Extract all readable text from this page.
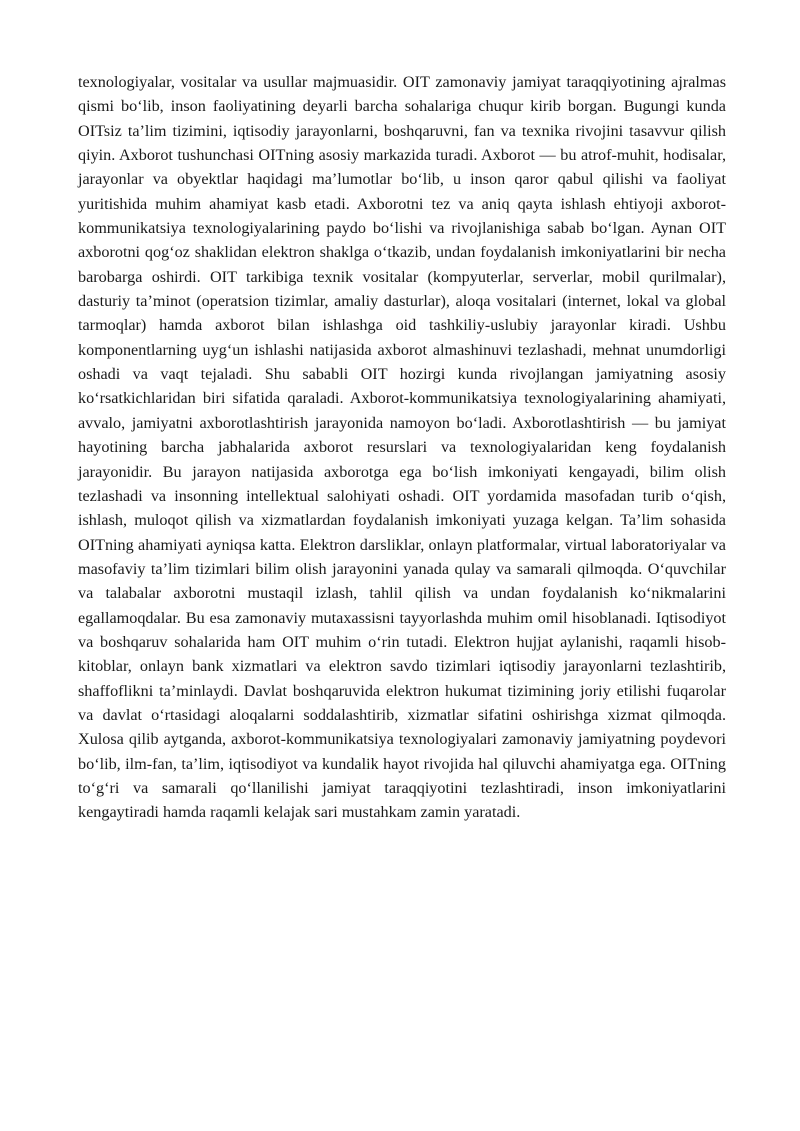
texnologiyalar, vositalar va usullar majmuasidir. OIT zamonaviy jamiyat taraqqiyotining ajralmas qismi bo‘lib, inson faoliyatining deyarli barcha sohalariga chuqur kirib borgan. Bugungi kunda OITsiz ta’lim tizimini, iqtisodiy jarayonlarni, boshqaruvni, fan va texnika rivojini tasavvur qilish qiyin. Axborot tushunchasi OITning asosiy markazida turadi. Axborot — bu atrof-muhit, hodisalar, jarayonlar va obyektlar haqidagi ma’lumotlar bo‘lib, u inson qaror qabul qilishi va faoliyat yuritishida muhim ahamiyat kasb etadi. Axborotni tez va aniq qayta ishlash ehtiyoji axborot-kommunikatsiya texnologiyalarining paydo bo‘lishi va rivojlanishiga sabab bo‘lgan. Aynan OIT axborotni qog‘oz shaklidan elektron shaklga o‘tkazib, undan foydalanish imkoniyatlarini bir necha barobarga oshirdi. OIT tarkibiga texnik vositalar (kompyuterlar, serverlar, mobil qurilmalar), dasturiy ta’minot (operatsion tizimlar, amaliy dasturlar), aloqa vositalari (internet, lokal va global tarmoqlar) hamda axborot bilan ishlashga oid tashkiliy-uslubiy jarayonlar kiradi. Ushbu komponentlarning uyg‘un ishlashi natijasida axborot almashinuvi tezlashadi, mehnat unumdorligi oshadi va vaqt tejaladi. Shu sababli OIT hozirgi kunda rivojlangan jamiyatning asosiy ko‘rsatkichlaridan biri sifatida qaraladi. Axborot-kommunikatsiya texnologiyalarining ahamiyati, avvalo, jamiyatni axborotlashtirish jarayonida namoyon bo‘ladi. Axborotlashtirish — bu jamiyat hayotining barcha jabhalarida axborot resurslari va texnologiyalaridan keng foydalanish jarayonidir. Bu jarayon natijasida axborotga ega bo‘lish imkoniyati kengayadi, bilim olish tezlashadi va insonning intellektual salohiyati oshadi. OIT yordamida masofadan turib o‘qish, ishlash, muloqot qilish va xizmatlardan foydalanish imkoniyati yuzaga kelgan. Ta’lim sohasida OITning ahamiyati ayniqsa katta. Elektron darsliklar, onlayn platformalar, virtual laboratoriyalar va masofaviy ta’lim tizimlari bilim olish jarayonini yanada qulay va samarali qilmoqda. O‘quvchilar va talabalar axborotni mustaqil izlash, tahlil qilish va undan foydalanish ko‘nikmalarini egallamoqdalar. Bu esa zamonaviy mutaxassisni tayyorlashda muhim omil hisoblanadi. Iqtisodiyot va boshqaruv sohalarida ham OIT muhim o‘rin tutadi. Elektron hujjat aylanishi, raqamli hisob-kitoblar, onlayn bank xizmatlari va elektron savdo tizimlari iqtisodiy jarayonlarni tezlashtirib, shaffoflikni ta’minlaydi. Davlat boshqaruvida elektron hukumat tizimining joriy etilishi fuqarolar va davlat o‘rtasidagi aloqalarni soddalashtirib, xizmatlar sifatini oshirishga xizmat qilmoqda. Xulosa qilib aytganda, axborot-kommunikatsiya texnologiyalari zamonaviy jamiyatning poydevori bo‘lib, ilm-fan, ta’lim, iqtisodiyot va kundalik hayot rivojida hal qiluvchi ahamiyatga ega. OITning to‘g‘ri va samarali qo‘llanilishi jamiyat taraqqiyotini tezlashtiradi, inson imkoniyatlarini kengaytiradi hamda raqamli kelajak sari mustahkam zamin yaratadi.
